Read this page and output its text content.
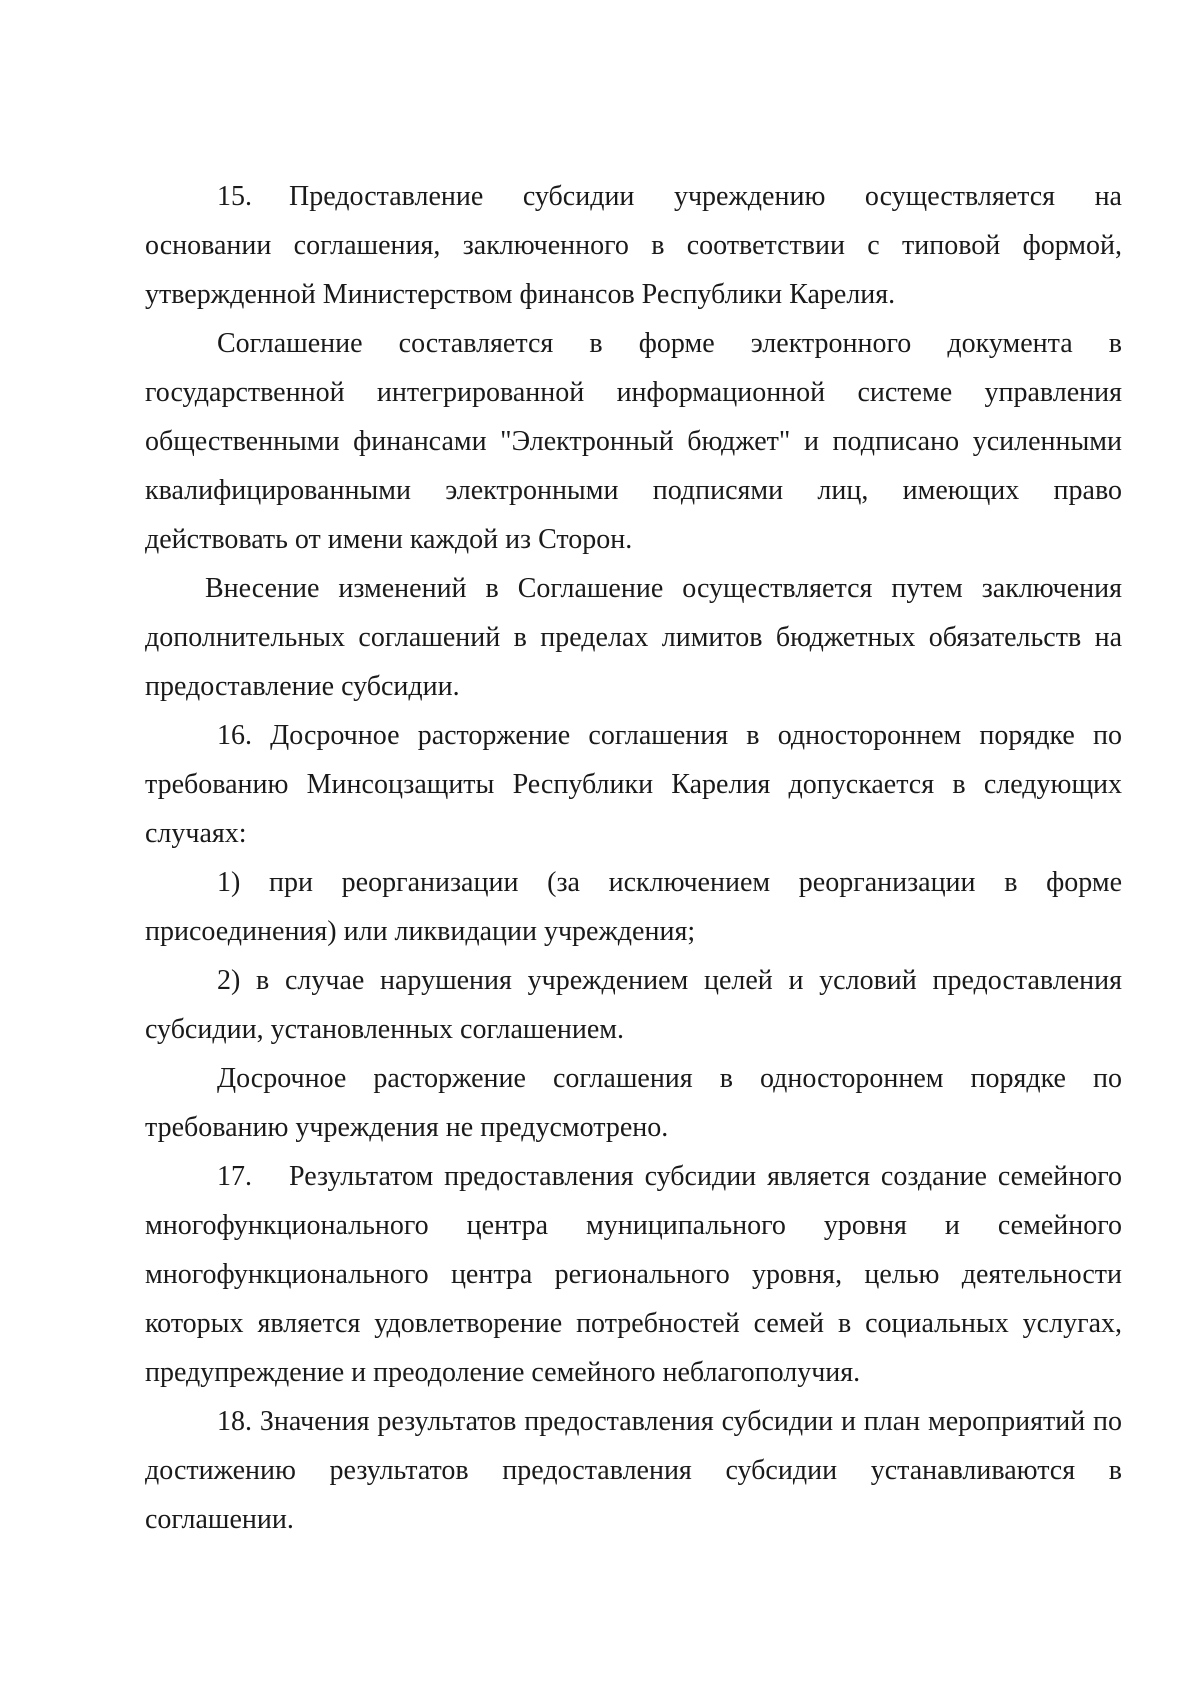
15. Предоставление субсидии учреждению осуществляется на основании соглашения, заключенного в соответствии с типовой формой, утвержденной Министерством финансов Республики Карелия.

Соглашение составляется в форме электронного документа в государственной интегрированной информационной системе управления общественными финансами "Электронный бюджет" и подписано усиленными квалифицированными электронными подписями лиц, имеющих право действовать от имени каждой из Сторон.

Внесение изменений в Соглашение осуществляется путем заключения дополнительных соглашений в пределах лимитов бюджетных обязательств на предоставление субсидии.

16. Досрочное расторжение соглашения в одностороннем порядке по требованию Минсоцзащиты Республики Карелия допускается в следующих случаях:

1) при реорганизации (за исключением реорганизации в форме присоединения) или ликвидации учреждения;

2) в случае нарушения учреждением целей и условий предоставления субсидии, установленных соглашением.

Досрочное расторжение соглашения в одностороннем порядке по требованию учреждения не предусмотрено.

17. Результатом предоставления субсидии является создание семейного многофункционального центра муниципального уровня и семейного многофункционального центра регионального уровня, целью деятельности которых является удовлетворение потребностей семей в социальных услугах, предупреждение и преодоление семейного неблагополучия.

18. Значения результатов предоставления субсидии и план мероприятий по достижению результатов предоставления субсидии устанавливаются в соглашении.
